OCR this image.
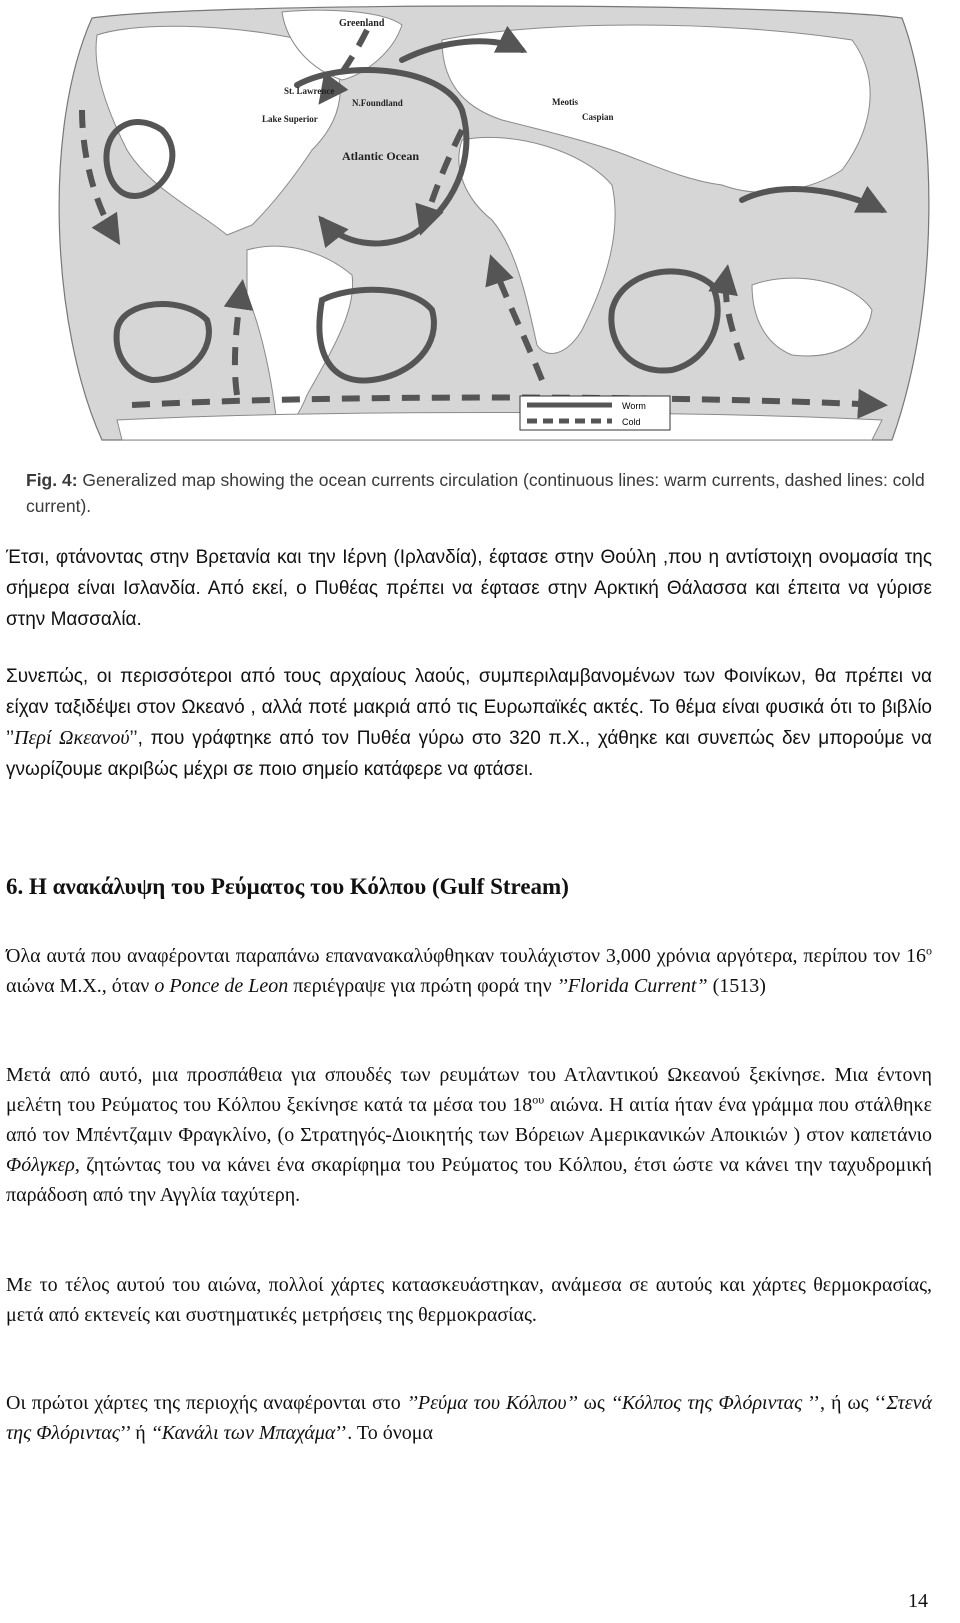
Greenland
St. Lawrence
Lake Superior
N.Foundland
Atlantic Ocean
Meotis
Caspian
Worm
Cold
Fig. 4: Generalized map showing the ocean currents circulation (continuous lines: warm currents, dashed lines: cold current).

Έτσι, φτάνοντας στην Βρετανία και την Ιέρνη (Ιρλανδία), έφτασε στην Θούλη ,που η αντίστοιχη ονομασία της σήμερα είναι Ισλανδία. Από εκεί, ο Πυθέας πρέπει να έφτασε στην Αρκτική Θάλασσα και έπειτα να γύρισε στην Μασσαλία.

Συνεπώς, οι περισσότεροι από τους αρχαίους λαούς, συμπεριλαμβανομένων των Φοινίκων, θα πρέπει να είχαν ταξιδέψει στον Ωκεανό , αλλά ποτέ μακριά από τις Ευρωπαϊκές ακτές. Το θέμα είναι φυσικά ότι το βιβλίο ’’Περί Ωκεανού’’, που γράφτηκε από τον Πυθέα γύρω στο 320 π.Χ., χάθηκε και συνεπώς δεν μπορούμε να γνωρίζουμε ακριβώς μέχρι σε ποιο σημείο κατάφερε να φτάσει.

6. Η ανακάλυψη του Ρεύματος του Κόλπου (Gulf Stream)

Όλα αυτά που αναφέρονται παραπάνω επανανακαλύφθηκαν τουλάχιστον 3,000 χρόνια αργότερα, περίπου τον $16^o$ αιώνα Μ.Χ., όταν ο Ponce de Leon περιέγραψε για πρώτη φορά την ’’Florida Current” (1513)

Μετά από αυτό, μια προσπάθεια για σπουδές των ρευμάτων του Ατλαντικού Ωκεανού ξεκίνησε. Μια έντονη μελέτη του Ρεύματος του Κόλπου ξεκίνησε κατά τα μέσα του $18^{o\upsilon}$ αιώνα. Η αιτία ήταν ένα γράμμα που στάλθηκε από τον Μπέντζαμιν Φραγκλίνο, (ο Στρατηγός-Διοικητής των Βόρειων Αμερικανικών Αποικιών ) στον καπετάνιο Φόλγκερ, ζητώντας του να κάνει ένα σκαρίφημα του Ρεύματος του Κόλπου, έτσι ώστε να κάνει την ταχυδρομική παράδοση από την Αγγλία ταχύτερη.

Με το τέλος αυτού του αιώνα, πολλοί χάρτες κατασκευάστηκαν, ανάμεσα σε αυτούς και χάρτες θερμοκρασίας, μετά από εκτενείς και συστηματικές μετρήσεις της θερμοκρασίας.

Οι πρώτοι χάρτες της περιοχής αναφέρονται στο ’’Ρεύμα του Κόλπου’’ ως ‘‘Κόλπος της Φλόριντας ’’, ή ως ‘‘Στενά της Φλόριντας’’ ή ‘‘Κανάλι των Μπαχάμα’’. Το όνομα

14
